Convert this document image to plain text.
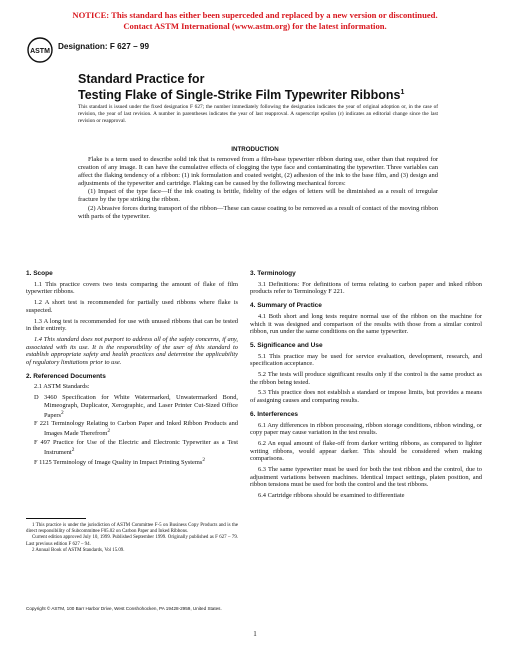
NOTICE: This standard has either been superceded and replaced by a new version or discontinued.
Contact ASTM International (www.astm.org) for the latest information.
ASTM
Designation: F 627 – 99
Standard Practice for
Testing Flake of Single-Strike Film Typewriter Ribbons$^1$
This standard is issued under the fixed designation F 627; the number immediately following the designation indicates the year of original adoption or, in the case of revision, the year of last revision. A number in parentheses indicates the year of last reapproval. A superscript epsilon (ε) indicates an editorial change since the last revision or reapproval.
INTRODUCTION

Flake is a term used to describe solid ink that is removed from a film-base typewriter ribbon during use, other than that required for creation of any image. It can have the cumulative effects of clogging the type face and contaminating the typewriter. Three variables can affect the flaking tendency of a ribbon: (1) ink formulation and coated weight, (2) adhesion of the ink to the base film, and (3) design and adjustments of the typewriter and cartridge. Flaking can be caused by the following mechanical forces:

(1) Impact of the type face—If the ink coating is brittle, fidelity of the edges of letters will be diminished as a result of irregular fracture by the type striking the ribbon.

(2) Abrasive forces during transport of the ribbon—These can cause coating to be removed as a result of contact of the moving ribbon with parts of the typewriter.

1. Scope

1.1 This practice covers two tests comparing the amount of flake of film typewriter ribbons.

1.2 A short test is recommended for partially used ribbons where flake is suspected.

1.3 A long test is recommended for use with unused ribbons that can be tested in their entirety.

1.4 This standard does not purport to address all of the safety concerns, if any, associated with its use. It is the responsibility of the user of this standard to establish appropriate safety and health practices and determine the applicability of regulatory limitations prior to use.

2. Referenced Documents

2.1 ASTM Standards:

D 3460 Specification for White Watermarked, Unwatermarked Bond, Mimeograph, Duplicator, Xerographic, and Laser Printer Cut-Sized Office Papers$^2$

F 221 Terminology Relating to Carbon Paper and Inked Ribbon Products and Images Made Therefrom$^2$

F 497 Practice for Use of the Electric and Electronic Typewriter as a Test Instrument$^2$

F 1125 Terminology of Image Quality in Impact Printing Systems$^2$

3. Terminology

3.1 Definitions: For definitions of terms relating to carbon paper and inked ribbon products refer to Terminology F 221.

4. Summary of Practice

4.1 Both short and long tests require normal use of the ribbon on the machine for which it was designed and comparison of the results with those from a similar control ribbon, run under the same conditions on the same typewriter.

5. Significance and Use

5.1 This practice may be used for service evaluation, development, research, and specification acceptance.

5.2 The tests will produce significant results only if the control is the same product as the ribbon being tested.

5.3 This practice does not establish a standard or impose limits, but provides a means of assigning causes and comparing results.

6. Interferences

6.1 Any differences in ribbon processing, ribbon storage conditions, ribbon winding, or copy paper may cause variation in the test results.

6.2 An equal amount of flake-off from darker writing ribbons, as compared to lighter writing ribbons, would appear darker. This should be considered when making comparisons.

6.3 The same typewriter must be used for both the test ribbon and the control, due to adjustment variations between machines. Identical impact settings, platen position, and ribbon tensions must be used for both the control and the test ribbons.

6.4 Cartridge ribbons should be examined to differentiate

1 This practice is under the jurisdiction of ASTM Committee F-5 on Business Copy Products and is the direct responsibility of Subcommittee F05.02 on Carbon Paper and Inked Ribbons.

Current edition approved July 10, 1999. Published September 1999. Originally published as F 627 – 79. Last previous edition F 627 – 94.

2 Annual Book of ASTM Standards, Vol 15.09.

Copyright © ASTM, 100 Barr Harbor Drive, West Conshohocken, PA 19428-2959, United States.
1
